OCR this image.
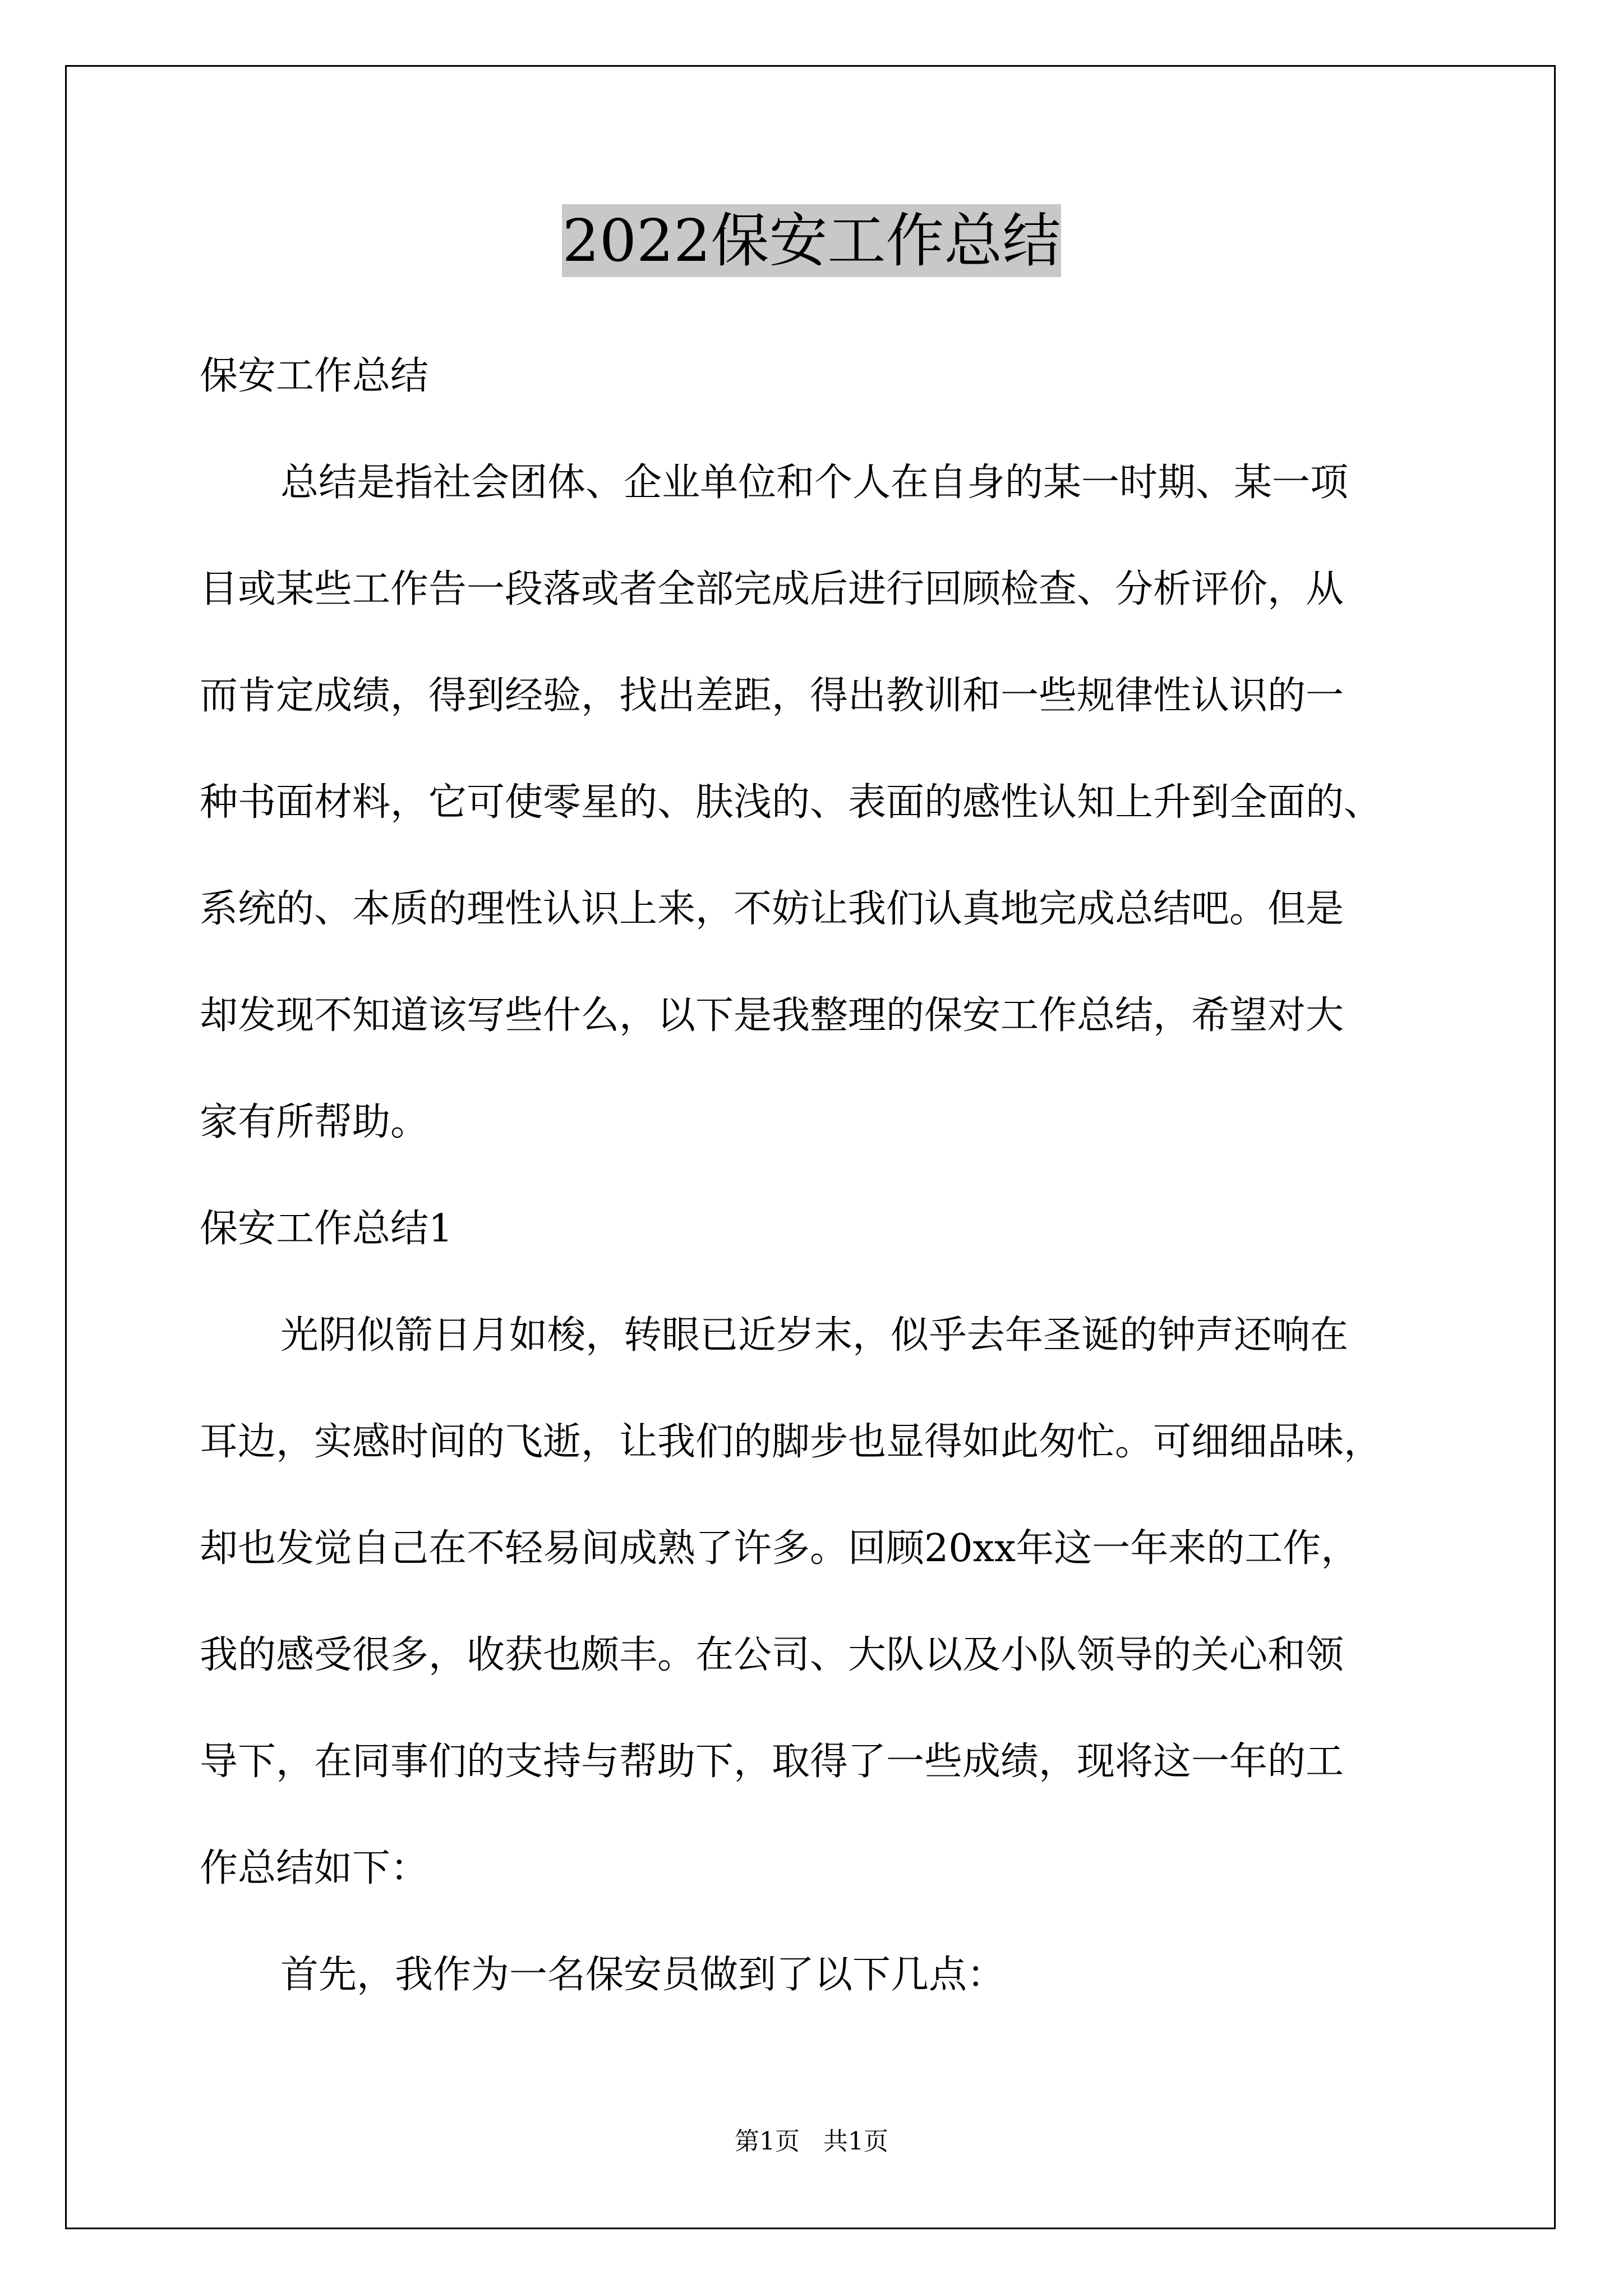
2022保安工作总结
保安工作总结
总结是指社会团体、企业单位和个人在自身的某一时期、某一项
目或某些工作告一段落或者全部完成后进行回顾检查、分析评价，从
而肯定成绩，得到经验，找出差距，得出教训和一些规律性认识的一
种书面材料，它可使零星的、肤浅的、表面的感性认知上升到全面的、
系统的、本质的理性认识上来，不妨让我们认真地完成总结吧。但是
却发现不知道该写些什么，以下是我整理的保安工作总结，希望对大
家有所帮助。
保安工作总结1
光阴似箭日月如梭，转眼已近岁末，似乎去年圣诞的钟声还响在
耳边，实感时间的飞逝，让我们的脚步也显得如此匆忙。可细细品味，
却也发觉自己在不轻易间成熟了许多。回顾20xx年这一年来的工作，
我的感受很多，收获也颇丰。在公司、大队以及小队领导的关心和领
导下，在同事们的支持与帮助下，取得了一些成绩，现将这一年的工
作总结如下：
首先，我作为一名保安员做到了以下几点：
第1页   共1页
